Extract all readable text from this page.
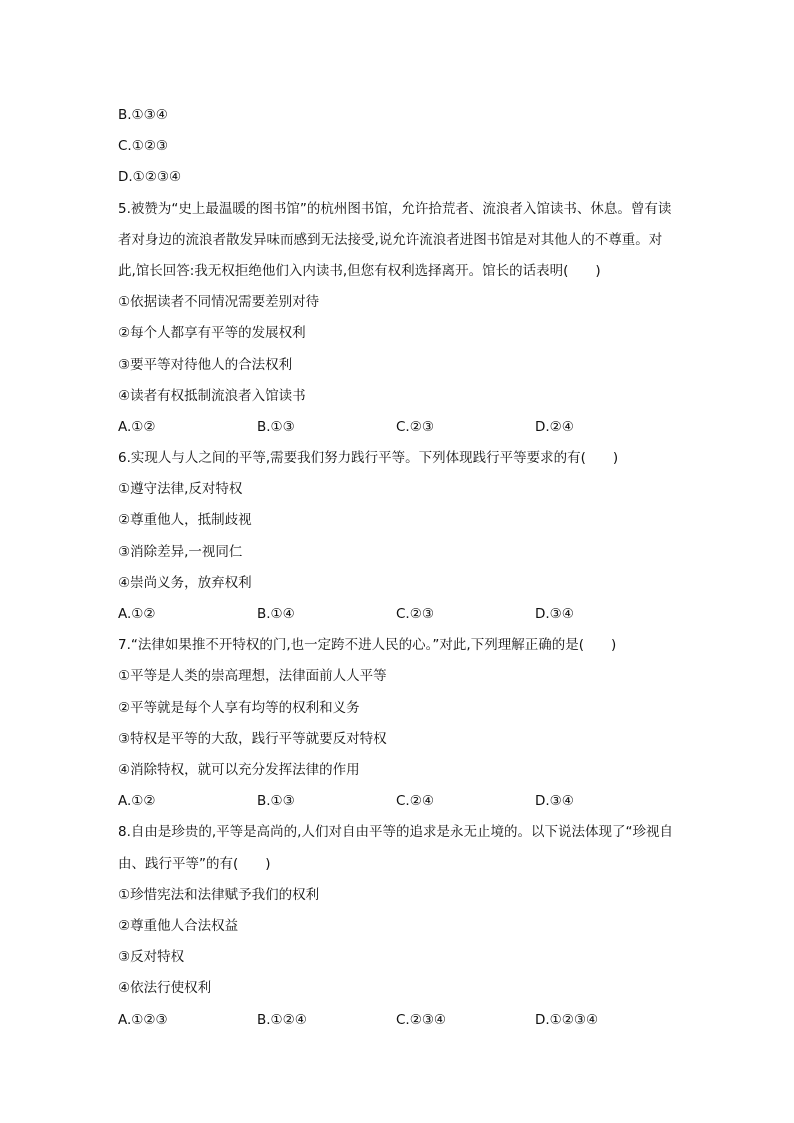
B.①③④
C.①②③
D.①②③④
5.被赞为“史上最温暖的图书馆”的杭州图书馆，允许拾荒者、流浪者入馆读书、休息。曾有读者对身边的流浪者散发异味而感到无法接受,说允许流浪者进图书馆是对其他人的不尊重。对此,馆长回答:我无权拒绝他们入内读书,但您有权利选择离开。馆长的话表明(　　)
①依据读者不同情况需要差别对待
②每个人都享有平等的发展权利
③要平等对待他人的合法权利
④读者有权抵制流浪者入馆读书
A.①②	B.①③	C.②③	D.②④
6.实现人与人之间的平等,需要我们努力践行平等。下列体现践行平等要求的有(　　)
①遵守法律,反对特权
②尊重他人，抵制歧视
③消除差异,一视同仁
④崇尚义务，放弃权利
A.①②	B.①④	C.②③	D.③④
7.“法律如果推不开特权的门,也一定跨不进人民的心。”对此,下列理解正确的是(　　)
①平等是人类的崇高理想，法律面前人人平等
②平等就是每个人享有均等的权利和义务
③特权是平等的大敌，践行平等就要反对特权
④消除特权，就可以充分发挥法律的作用
A.①②	B.①③	C.②④	D.③④
8.自由是珍贵的,平等是高尚的,人们对自由平等的追求是永无止境的。以下说法体现了“珍视自由、践行平等”的有(　　)
①珍惜宪法和法律赋予我们的权利
②尊重他人合法权益
③反对特权
④依法行使权利
A.①②③	B.①②④	C.②③④	D.①②③④
